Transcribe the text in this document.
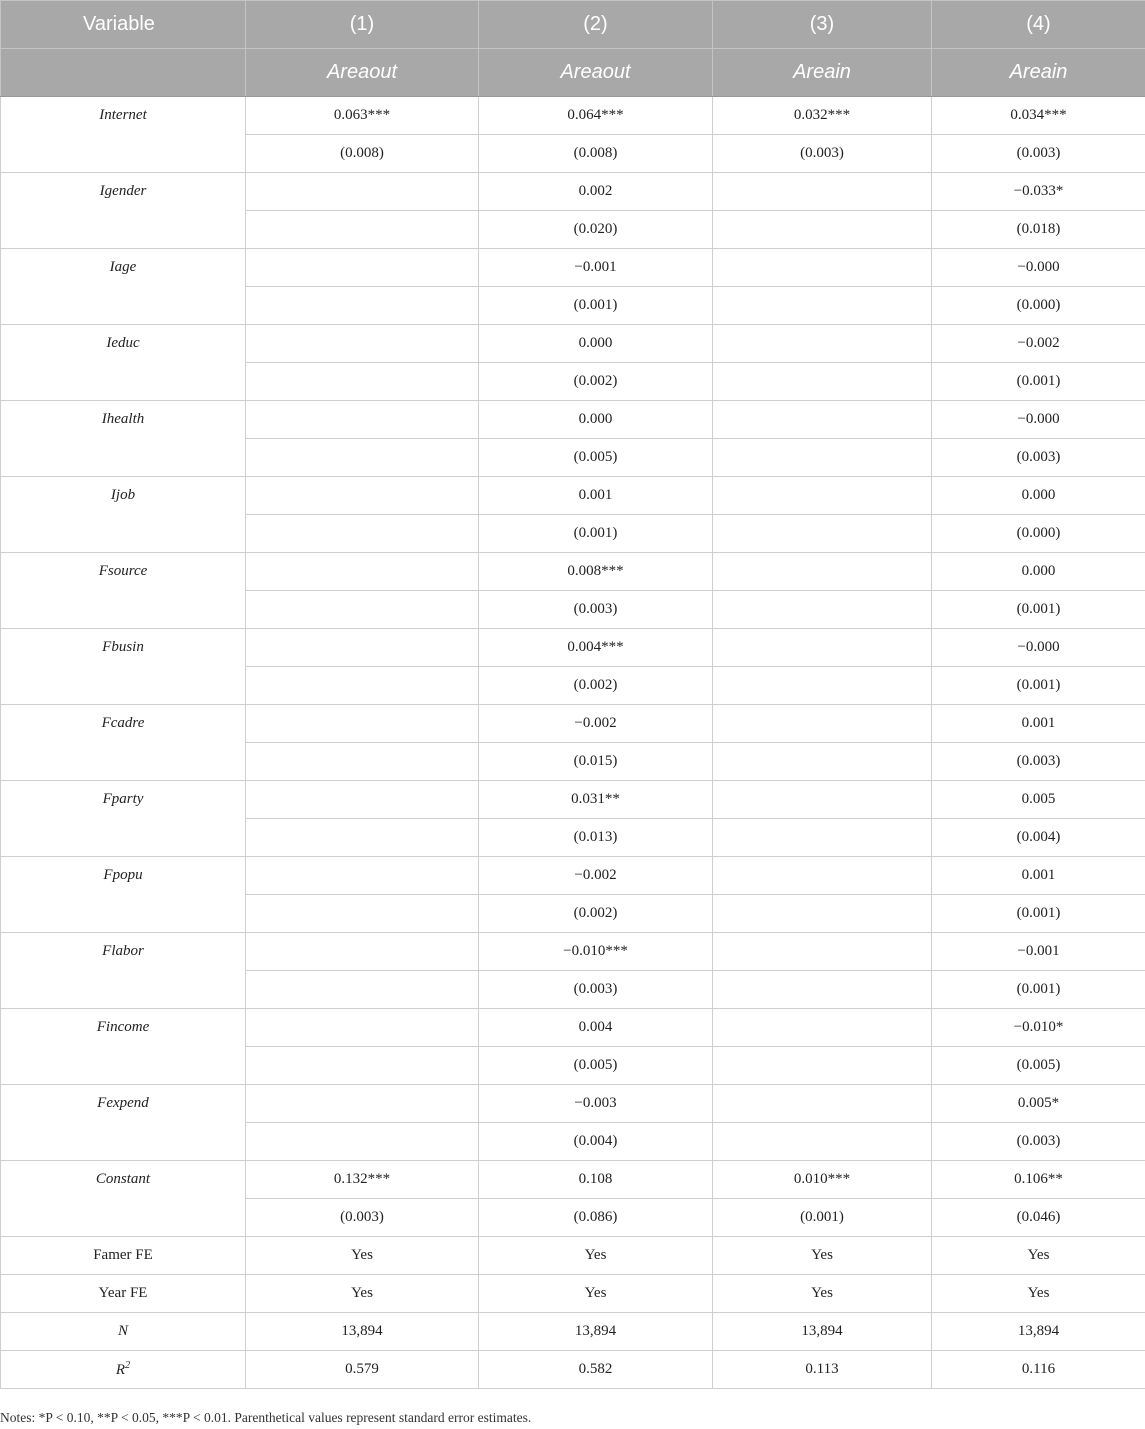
Variable	(1)	(2)	(3)	(4)
	Areaout	Areaout	Areain	Areain
Internet	0.063***	0.064***	0.032***	0.034***
	(0.008)	(0.008)	(0.003)	(0.003)
Igender		0.002		−0.033*
		(0.020)		(0.018)
Iage		−0.001		−0.000
		(0.001)		(0.000)
Ieduc		0.000		−0.002
		(0.002)		(0.001)
Ihealth		0.000		−0.000
		(0.005)		(0.003)
Ijob		0.001		0.000
		(0.001)		(0.000)
Fsource		0.008***		0.000
		(0.003)		(0.001)
Fbusin		0.004***		−0.000
		(0.002)		(0.001)
Fcadre		−0.002		0.001
		(0.015)		(0.003)
Fparty		0.031**		0.005
		(0.013)		(0.004)
Fpopu		−0.002		0.001
		(0.002)		(0.001)
Flabor		−0.010***		−0.001
		(0.003)		(0.001)
Fincome		0.004		−0.010*
		(0.005)		(0.005)
Fexpend		−0.003		0.005*
		(0.004)		(0.003)
Constant	0.132***	0.108	0.010***	0.106**
	(0.003)	(0.086)	(0.001)	(0.046)
Famer FE	Yes	Yes	Yes	Yes
Year FE	Yes	Yes	Yes	Yes
N	13,894	13,894	13,894	13,894
$R^2$	0.579	0.582	0.113	0.116
Notes: *P < 0.10, **P < 0.05, ***P < 0.01. Parenthetical values represent standard error estimates.
